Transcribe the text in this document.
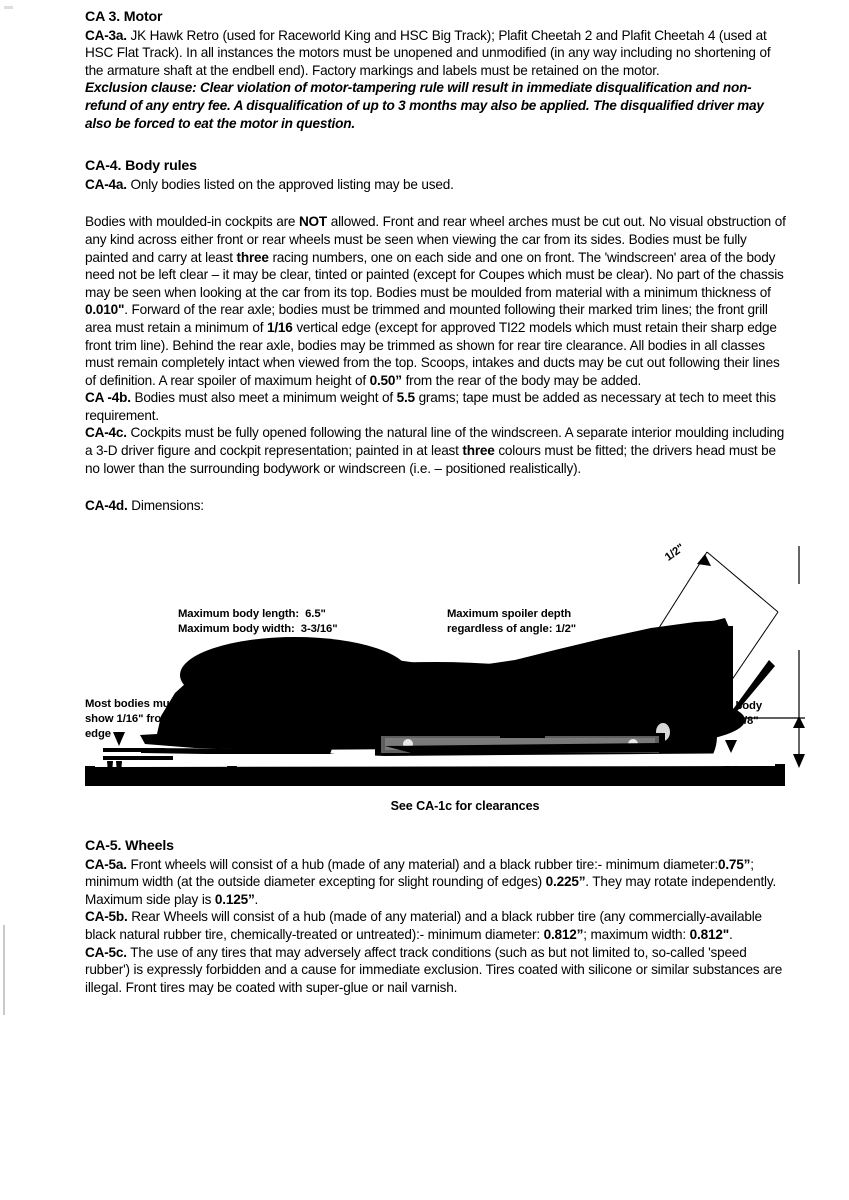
CA 3. Motor

CA-3a. JK Hawk Retro (used for Raceworld King and HSC Big Track); Plafit Cheetah 2 and Plafit Cheetah 4 (used at HSC Flat Track). In all instances the motors must be unopened and unmodified (in any way including no shortening of the armature shaft at the endbell end). Factory markings and labels must be retained on the motor.

Exclusion clause: Clear violation of motor-tampering rule will result in immediate disqualification and non-refund of any entry fee. A disqualification of up to 3 months may also be applied. The disqualified driver may also be forced to eat the motor in question.

CA-4. Body rules

CA-4a. Only bodies listed on the approved listing may be used.

Bodies with moulded-in cockpits are NOT allowed. Front and rear wheel arches must be cut out. No visual obstruction of any kind across either front or rear wheels must be seen when viewing the car from its sides. Bodies must be fully painted and carry at least three racing numbers, one on each side and one on front. The 'windscreen' area of the body need not be left clear – it may be clear, tinted or painted (except for Coupes which must be clear). No part of the chassis may be seen when looking at the car from its top. Bodies must be moulded from material with a minimum thickness of 0.010". Forward of the rear axle; bodies must be trimmed and mounted following their marked trim lines; the front grill area must retain a minimum of 1/16 vertical edge (except for approved TI22 models which must retain their sharp edge front trim line). Behind the rear axle, bodies may be trimmed as shown for rear tire clearance. All bodies in all classes must remain completely intact when viewed from the top. Scoops, intakes and ducts may be cut out following their lines of definition. A rear spoiler of maximum height of 0.50” from the rear of the body may be added.

CA -4b. Bodies must also meet a minimum weight of 5.5 grams; tape must be added as necessary at tech to meet this requirement.

CA-4c. Cockpits must be fully opened following the natural line of the windscreen. A separate interior moulding including a 3-D driver figure and cockpit representation; painted in at least three colours must be fitted; the drivers head must be no lower than the surrounding bodywork or windscreen (i.e. – positioned realistically).

CA-4d. Dimensions:

Maximum body length:  6.5"
Maximum body width:  3-3/16"
Front wheel wells must be cut open
Maximum spoiler depth
regardless of angle: 1/2"
1/2"
1/2"
Maximum body
height: 1-3/8"
Most bodies must
show 1/16" front
edge
See CA-1c for clearances
CA-5. Wheels

CA-5a. Front wheels will consist of a hub (made of any material) and a black rubber tire:- minimum diameter:0.75”; minimum width (at the outside diameter excepting for slight rounding of edges) 0.225”. They may rotate independently. Maximum side play is 0.125”.

CA-5b. Rear Wheels will consist of a hub (made of any material) and a black rubber tire (any commercially-available black natural rubber tire, chemically-treated or untreated):- minimum diameter: 0.812”; maximum width: 0.812".

CA-5c. The use of any tires that may adversely affect track conditions (such as but not limited to, so-called 'speed rubber') is expressly forbidden and a cause for immediate exclusion. Tires coated with silicone or similar substances are illegal. Front tires may be coated with super-glue or nail varnish.
